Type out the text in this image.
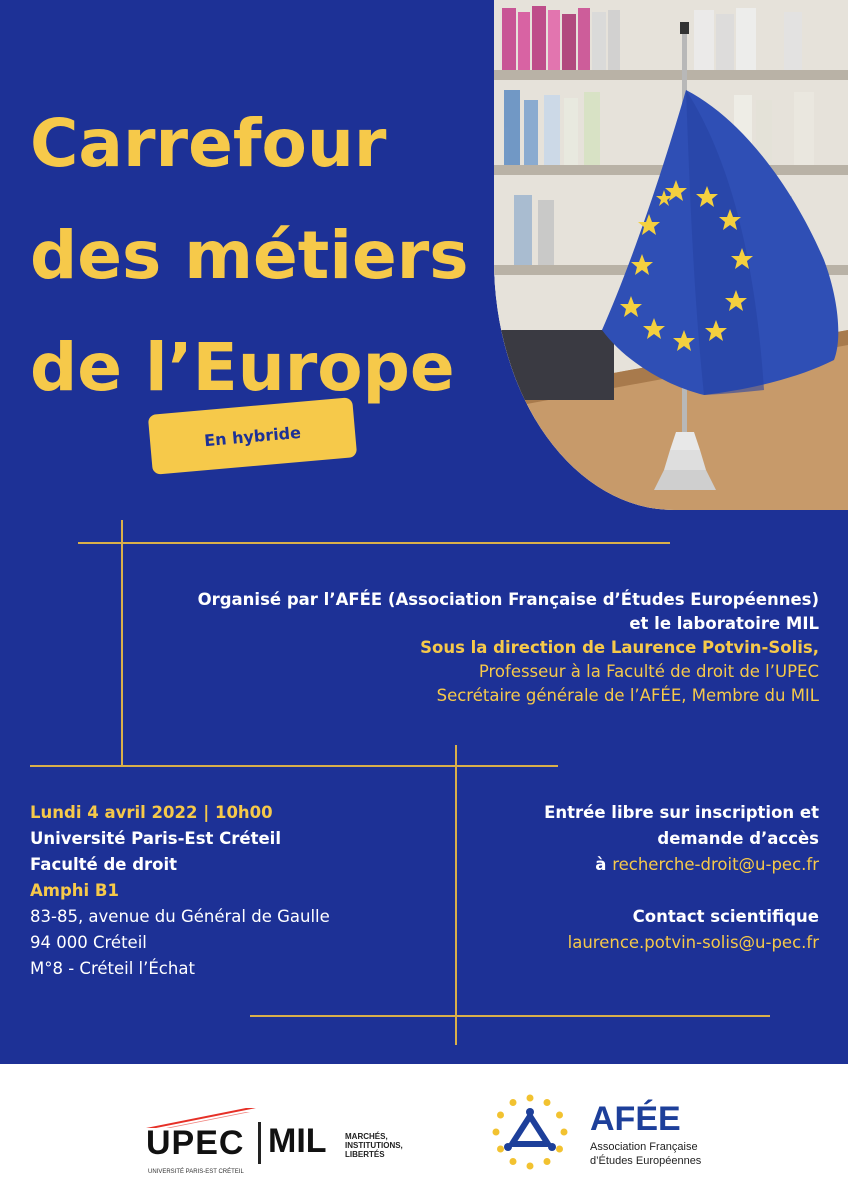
Carrefour
des métiers
de l’Europe
En hybride
Organisé par l’AFÉE (Association Française d’Études Européennes)
et le laboratoire MIL
Sous la direction de Laurence Potvin-Solis,
Professeur à la Faculté de droit de l’UPEC
Secrétaire générale de l’AFÉE, Membre du MIL
Lundi 4 avril 2022 | 10h00
Université Paris-Est Créteil
Faculté de droit
Amphi B1
83-85, avenue du Général de Gaulle
94 000 Créteil
M°8 - Créteil l’Échat
Entrée libre sur inscription et
demande d’accès
à recherche-droit@u-pec.fr
Contact scientifique
laurence.potvin-solis@u-pec.fr
UPEC
UNIVERSITÉ PARIS-EST CRÉTEIL
MIL MARCHÉS,
INSTITUTIONS,
LIBERTÉS
AFÉE
Association Française
d’Études Européennes
